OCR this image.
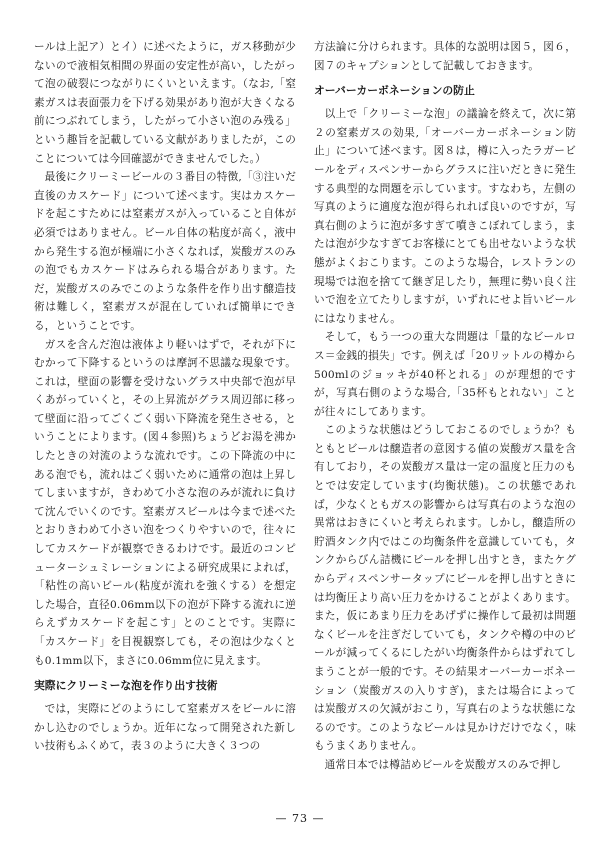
ールは上記ア）とイ）に述べたように，ガス移動が少ないので液相気相間の界面の安定性が高い，したがって泡の破裂につながりにくいといえます。（なお,「窒素ガスは表面張力を下げる効果があり泡が大きくなる前につぶれてしまう，したがって小さい泡のみ残る」という趣旨を記載している文献がありましたが，このことについては今回確認ができませんでした。）

最後にクリーミービールの３番目の特徴,「③注いだ直後のカスケード」について述べます。実はカスケードを起こすためには窒素ガスが入っていること自体が必須ではありません。ビール自体の粘度が高く，液中から発生する泡が極端に小さくなれば，炭酸ガスのみの泡でもカスケードはみられる場合があります。ただ，炭酸ガスのみでこのような条件を作り出す醸造技術は難しく，窒素ガスが混在していれば簡単にできる，ということです。

ガスを含んだ泡は液体より軽いはずで，それが下にむかって下降するというのは摩訶不思議な現象です。これは，壁面の影響を受けないグラス中央部で泡が早くあがっていくと，その上昇流がグラス周辺部に移って壁面に沿ってごくごく弱い下降流を発生させる，ということによります。(図４参照)ちょうどお湯を沸かしたときの対流のような流れです。この下降流の中にある泡でも，流れはごく弱いために通常の泡は上昇してしまいますが，きわめて小さな泡のみが流れに負けて沈んでいくのです。窒素ガスビールは今まで述べたとおりきわめて小さい泡をつくりやすいので，往々にしてカスケードが観察できるわけです。最近のコンピューターシュミレーションによる研究成果によれば，「粘性の高いビール(粘度が流れを強くする）を想定した場合，直径0.06mm以下の泡が下降する流れに逆らえずカスケードを起こす」とのことです。実際に「カスケード」を目視観察しても，その泡は少なくとも0.1mm以下，まさに0.06mm位に見えます。

実際にクリーミーな泡を作り出す技術

では，実際にどのようにして窒素ガスをビールに溶かし込むのでしょうか。近年になって開発された新しい技術もふくめて，表３のように大きく３つの

方法論に分けられます。具体的な説明は図５，図６，図７のキャプションとして記載しておきます。

オーバーカーボネーションの防止

以上で「クリーミーな泡」の議論を終えて，次に第２の窒素ガスの効果,「オーバーカーボネーション防止」について述べます。図８は，樽に入ったラガービールをディスペンサーからグラスに注いだときに発生する典型的な問題を示しています。すなわち，左側の写真のように適度な泡が得られれば良いのですが，写真右側のように泡が多すぎて噴きこぼれてしまう，または泡が少なすぎてお客様にとても出せないような状態がよくおこります。このような場合，レストランの現場では泡を捨てて継ぎ足したり，無理に勢い良く注いで泡を立てたりしますが，いずれにせよ旨いビールにはなりません。

そして，もう一つの重大な問題は「量的なビールロス＝金銭的損失」です。例えば「20リットルの樽から500mlのジョッキが40杯とれる」のが理想的ですが，写真右側のような場合,「35杯もとれない」ことが往々にしてあります。

このような状態はどうしておこるのでしょうか？もともとビールは醸造者の意図する値の炭酸ガス量を含有しており，その炭酸ガス量は一定の温度と圧力のもとでは安定しています(均衡状態)。この状態であれば，少なくともガスの影響からは写真右のような泡の異常はおきにくいと考えられます。しかし，醸造所の貯酒タンク内ではこの均衡条件を意識していても，タンクからびん詰機にビールを押し出すとき，またケグからディスペンサータップにビールを押し出すときには均衡圧より高い圧力をかけることがよくあります。また，仮にあまり圧力をあげずに操作して最初は問題なくビールを注ぎだしていても，タンクや樽の中のビールが減ってくるにしたがい均衡条件からはずれてしまうことが一般的です。その結果オーバーカーボネーション（炭酸ガスの入りすぎ)，または場合によっては炭酸ガスの欠減がおこり，写真右のような状態になるのです。このようなビールは見かけだけでなく，味もうまくありません。

通常日本では樽詰めビールを炭酸ガスのみで押し

— 73 —
